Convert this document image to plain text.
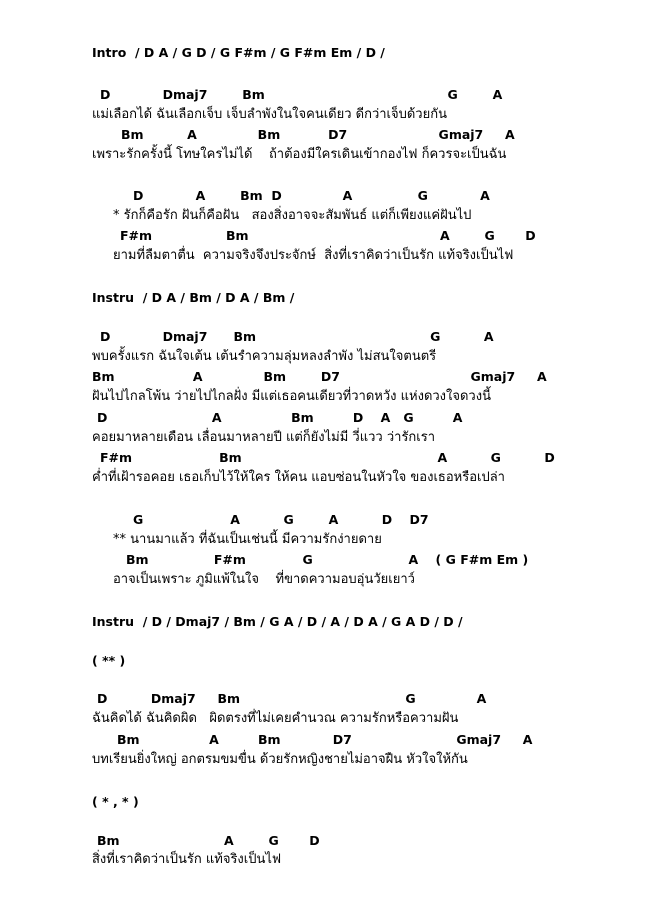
Intro  / D A / G D / G F#m / G F#m Em / D /
D            Dmaj7        Bm                                          G        A
แม่เลือกได้ ฉันเลือกเจ็บ เจ็บลำพังในใจคนเดียว ดีกว่าเจ็บด้วยกัน
Bm          A              Bm           D7                     Gmaj7     A
เพราะรักครั้งนี้ โทษใครไม่ได้    ถ้าต้องมีใครเดินเข้ากองไฟ ก็ควรจะเป็นฉัน
D            A        Bm  D              A               G            A
* รักก็คือรัก ฝันก็คือฝัน   สองสิ่งอาจจะสัมพันธ์ แต่ก็เพียงแค่ฝันไป
F#m                 Bm                                            A        G       D
ยามที่ลืมตาตื่น  ความจริงจึงประจักษ์  สิ่งที่เราคิดว่าเป็นรัก แท้จริงเป็นไฟ
Instru  / D A / Bm / D A / Bm /
D            Dmaj7      Bm                                        G          A
พบครั้งแรก ฉันใจเต้น เต้นรำความลุ่มหลงลำพัง ไม่สนใจตนตรี
Bm                  A              Bm        D7                              Gmaj7     A
ฝันไปไกลโพ้น ว่ายไปไกลฝั่ง มีแต่เธอคนเดียวที่วาดหวัง แห่งดวงใจดวงนี้
D                        A                Bm         D    A   G         A
คอยมาหลายเดือน เลื่อนมาหลายปี แต่ก็ยังไม่มี วี่แวว ว่ารักเรา
F#m                    Bm                                             A          G          D
ค่ำที่เฝ้ารอคอย เธอเก็บไว้ให้ใคร ให้คน แอบซ่อนในหัวใจ ของเธอหรือเปล่า
G                    A          G        A          D    D7
** นานมาแล้ว ที่ฉันเป็นเช่นนี้ มีความรักง่ายดาย
Bm               F#m             G                      A    ( G F#m Em )
อาจเป็นเพราะ ภูมิแพ้ในใจ    ที่ขาดความอบอุ่นวัยเยาว์
Instru  / D / Dmaj7 / Bm / G A / D / A / D A / G A D / D /
( ** )
D          Dmaj7     Bm                                      G              A
ฉันคิดได้ ฉันคิดผิด   ผิดตรงที่ไม่เคยคำนวณ ความรักหรือความฝัน
Bm                A         Bm            D7                        Gmaj7     A
บทเรียนยิ่งใหญ่ อกตรมขมขื่น ด้วยรักหญิงชายไม่อาจฝืน หัวใจให้กัน
( * , * )
Bm                        A        G       D
สิ่งที่เราคิดว่าเป็นรัก แท้จริงเป็นไฟ
